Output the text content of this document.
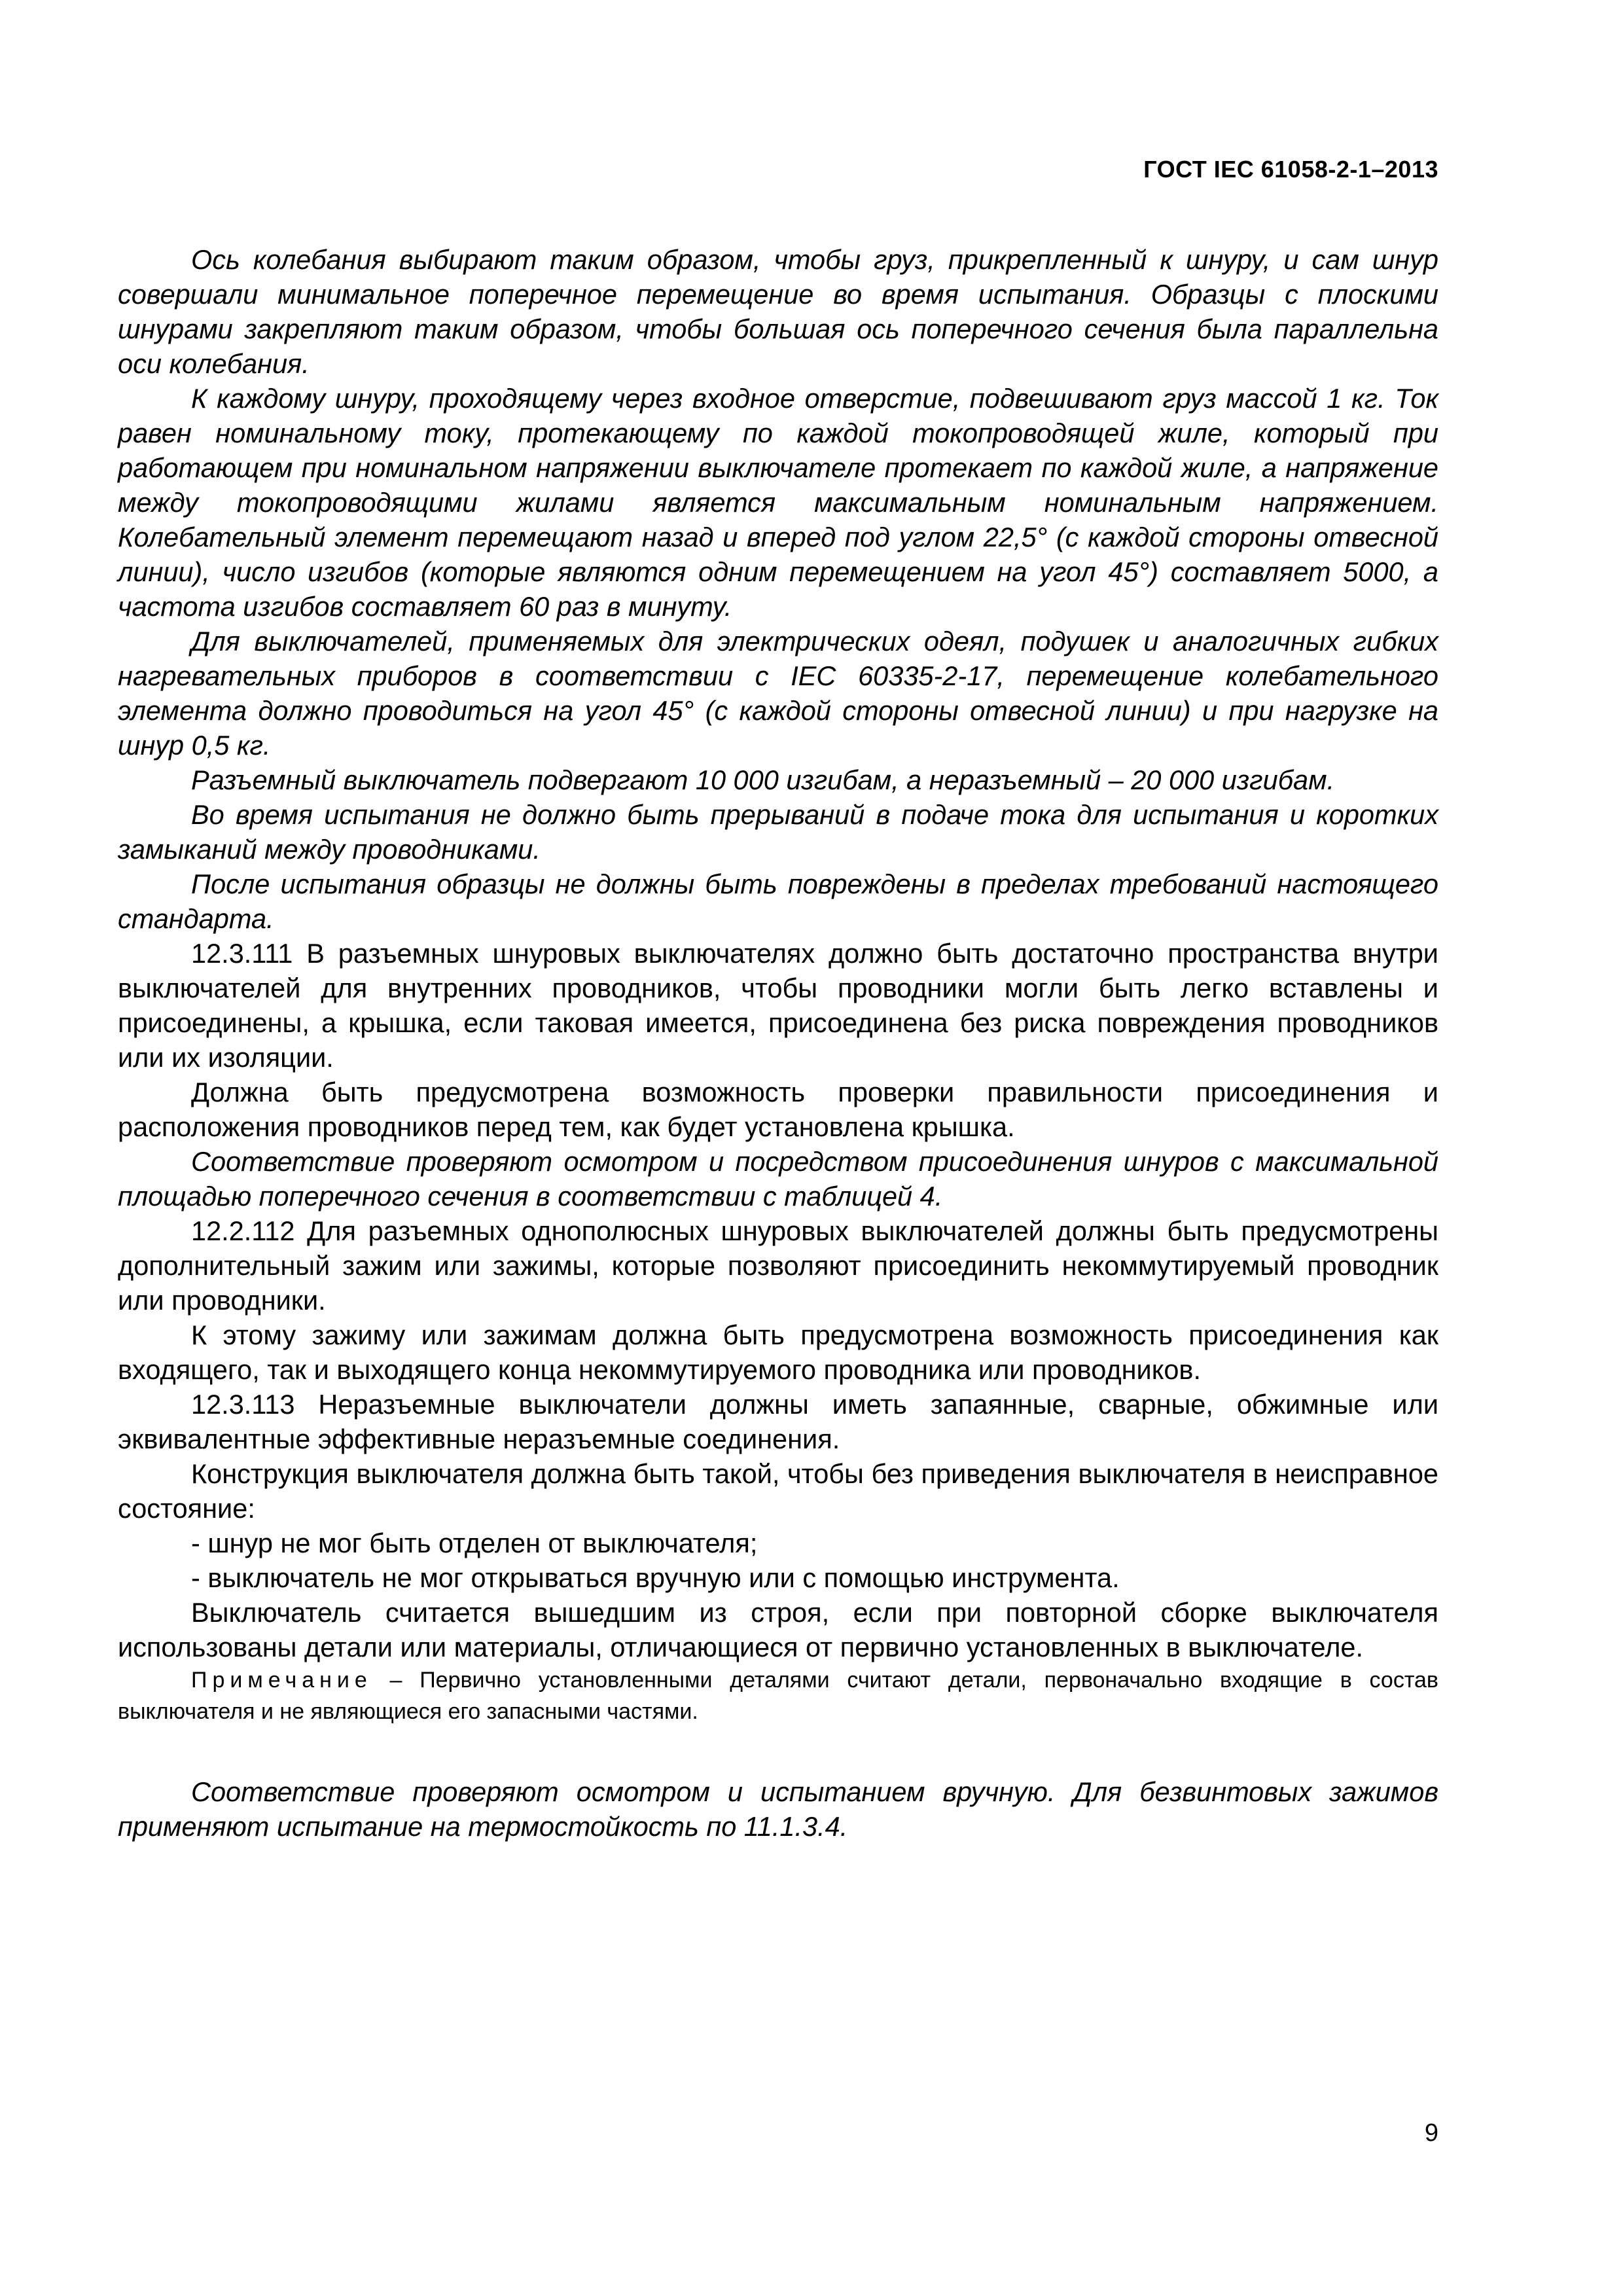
ГОСТ IEC 61058-2-1–2013

Ось колебания выбирают таким образом, чтобы груз, прикрепленный к шнуру, и сам шнур совершали минимальное поперечное перемещение во время испытания. Образцы с плоскими шнурами закрепляют таким образом, чтобы большая ось поперечного сечения была параллельна оси колебания.

К каждому шнуру, проходящему через входное отверстие, подвешивают груз массой 1 кг. Ток равен номинальному току, протекающему по каждой токопроводящей жиле, который при работающем при номинальном напряжении выключателе протекает по каждой жиле, а напряжение между токопроводящими жилами является максимальным номинальным напряжением. Колебательный элемент перемещают назад и вперед под углом 22,5° (с каждой стороны отвесной линии), число изгибов (которые являются одним перемещением на угол 45°) составляет 5000, а частота изгибов составляет 60 раз в минуту.

Для выключателей, применяемых для электрических одеял, подушек и аналогичных гибких нагревательных приборов в соответствии с IEC 60335-2-17, перемещение колебательного элемента должно проводиться на угол 45° (с каждой стороны отвесной линии) и при нагрузке на шнур 0,5 кг.

Разъемный выключатель подвергают 10 000 изгибам, а неразъемный – 20 000 изгибам.

Во время испытания не должно быть прерываний в подаче тока для испытания и коротких замыканий между проводниками.

После испытания образцы не должны быть повреждены в пределах требований настоящего стандарта.

12.3.111 В разъемных шнуровых выключателях должно быть достаточно пространства внутри выключателей для внутренних проводников, чтобы проводники могли быть легко вставлены и присоединены, а крышка, если таковая имеется, присоединена без риска повреждения проводников или их изоляции.

Должна быть предусмотрена возможность проверки правильности присоединения и расположения проводников перед тем, как будет установлена крышка.

Соответствие проверяют осмотром и посредством присоединения шнуров с максимальной площадью поперечного сечения в соответствии с таблицей 4.

12.2.112 Для разъемных однополюсных шнуровых выключателей должны быть предусмотрены дополнительный зажим или зажимы, которые позволяют присоединить некоммутируемый проводник или проводники.

К этому зажиму или зажимам должна быть предусмотрена возможность присоединения как входящего, так и выходящего конца некоммутируемого проводника или проводников.

12.3.113 Неразъемные выключатели должны иметь запаянные, сварные, обжимные или эквивалентные эффективные неразъемные соединения.

Конструкция выключателя должна быть такой, чтобы без приведения выключателя в неисправное состояние:

- шнур не мог быть отделен от выключателя;

- выключатель не мог открываться вручную или с помощью инструмента.

Выключатель считается вышедшим из строя, если при повторной сборке выключателя использованы детали или материалы, отличающиеся от первично установленных в выключателе.

Примечание – Первично установленными деталями считают детали, первоначально входящие в состав выключателя и не являющиеся его запасными частями.

Соответствие проверяют осмотром и испытанием вручную. Для безвинтовых зажимов применяют испытание на термостойкость по 11.1.3.4.

9
